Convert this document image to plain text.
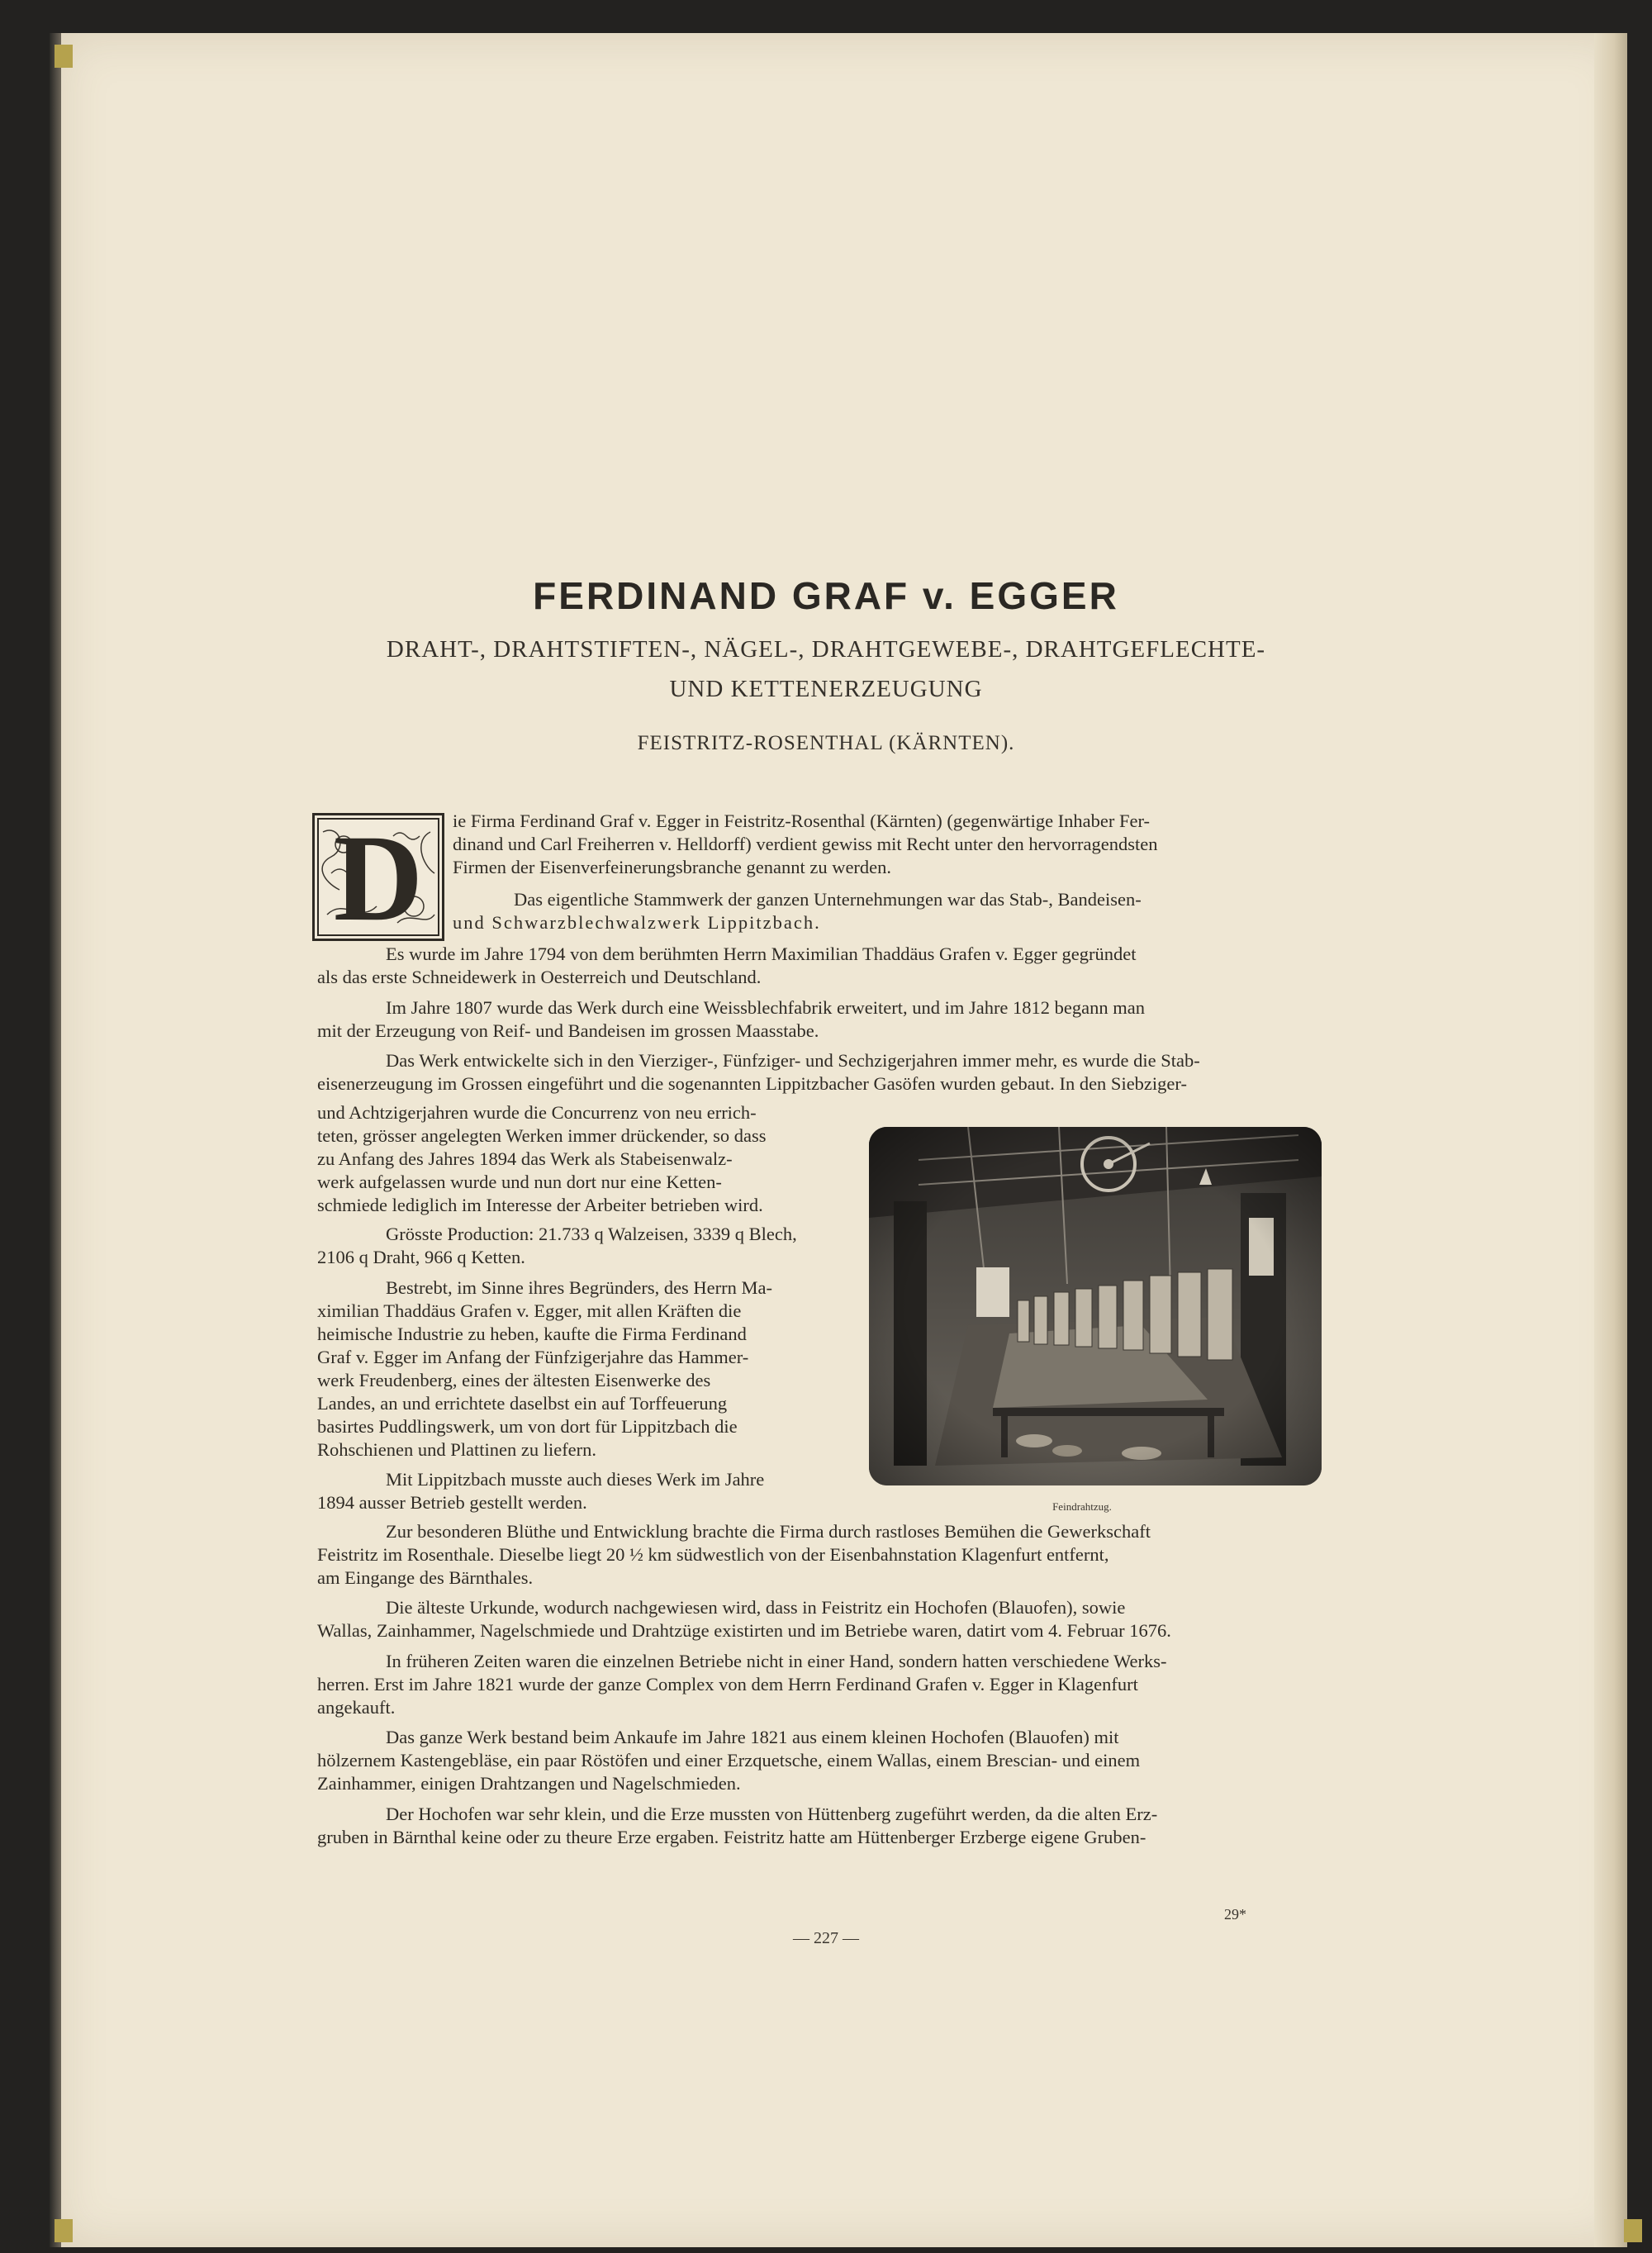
FERDINAND GRAF v. EGGER

DRAHT-, DRAHTSTIFTEN-, NÄGEL-, DRAHTGEWEBE-, DRAHTGEFLECHTE-

UND KETTENERZEUGUNG

FEISTRITZ-ROSENTHAL (KÄRNTEN).

D ie Firma Ferdinand Graf v. Egger in Feistritz-Rosenthal (Kärnten) (gegenwärtige Inhaber Fer-

dinand und Carl Freiherren v. Helldorff) verdient gewiss mit Recht unter den hervorragendsten

Firmen der Eisenverfeinerungsbranche genannt zu werden.

Das eigentliche Stammwerk der ganzen Unternehmungen war das Stab-, Bandeisen-

und Schwarzblechwalzwerk Lippitzbach.

Es wurde im Jahre 1794 von dem berühmten Herrn Maximilian Thaddäus Grafen v. Egger gegründet

als das erste Schneidewerk in Oesterreich und Deutschland.

Im Jahre 1807 wurde das Werk durch eine Weissblechfabrik erweitert, und im Jahre 1812 begann man

mit der Erzeugung von Reif- und Bandeisen im grossen Maasstabe.

Das Werk entwickelte sich in den Vierziger-, Fünfziger- und Sechzigerjahren immer mehr, es wurde die Stab-

eisenerzeugung im Grossen eingeführt und die sogenannten Lippitzbacher Gasöfen wurden gebaut. In den Siebziger-

und Achtzigerjahren wurde die Concurrenz von neu errich-

teten, grösser angelegten Werken immer drückender, so dass

zu Anfang des Jahres 1894 das Werk als Stabeisenwalz-

werk aufgelassen wurde und nun dort nur eine Ketten-

schmiede lediglich im Interesse der Arbeiter betrieben wird.

Grösste Production: 21.733 q Walzeisen, 3339 q Blech,

2106 q Draht, 966 q Ketten.

Bestrebt, im Sinne ihres Begründers, des Herrn Ma-

ximilian Thaddäus Grafen v. Egger, mit allen Kräften die

heimische Industrie zu heben, kaufte die Firma Ferdinand

Graf v. Egger im Anfang der Fünfzigerjahre das Hammer-

werk Freudenberg, eines der ältesten Eisenwerke des

Landes, an und errichtete daselbst ein auf Torffeuerung

basirtes Puddlingswerk, um von dort für Lippitzbach die

Rohschienen und Plattinen zu liefern.

Mit Lippitzbach musste auch dieses Werk im Jahre

1894 ausser Betrieb gestellt werden.

Zur besonderen Blüthe und Entwicklung brachte die Firma durch rastloses Bemühen die Gewerkschaft

Feistritz im Rosenthale. Dieselbe liegt 20 ½ km südwestlich von der Eisenbahnstation Klagenfurt entfernt,

am Eingange des Bärnthales.

Die älteste Urkunde, wodurch nachgewiesen wird, dass in Feistritz ein Hochofen (Blauofen), sowie

Wallas, Zainhammer, Nagelschmiede und Drahtzüge existirten und im Betriebe waren, datirt vom 4. Februar 1676.

In früheren Zeiten waren die einzelnen Betriebe nicht in einer Hand, sondern hatten verschiedene Werks-

herren. Erst im Jahre 1821 wurde der ganze Complex von dem Herrn Ferdinand Grafen v. Egger in Klagenfurt

angekauft.

Das ganze Werk bestand beim Ankaufe im Jahre 1821 aus einem kleinen Hochofen (Blauofen) mit

hölzernem Kastengebläse, ein paar Röstöfen und einer Erzquetsche, einem Wallas, einem Brescian- und einem

Zainhammer, einigen Drahtzangen und Nagelschmieden.

Der Hochofen war sehr klein, und die Erze mussten von Hüttenberg zugeführt werden, da die alten Erz-

gruben in Bärnthal keine oder zu theure Erze ergaben. Feistritz hatte am Hüttenberger Erzberge eigene Gruben-

Feindrahtzug.

29*

— 227 —
